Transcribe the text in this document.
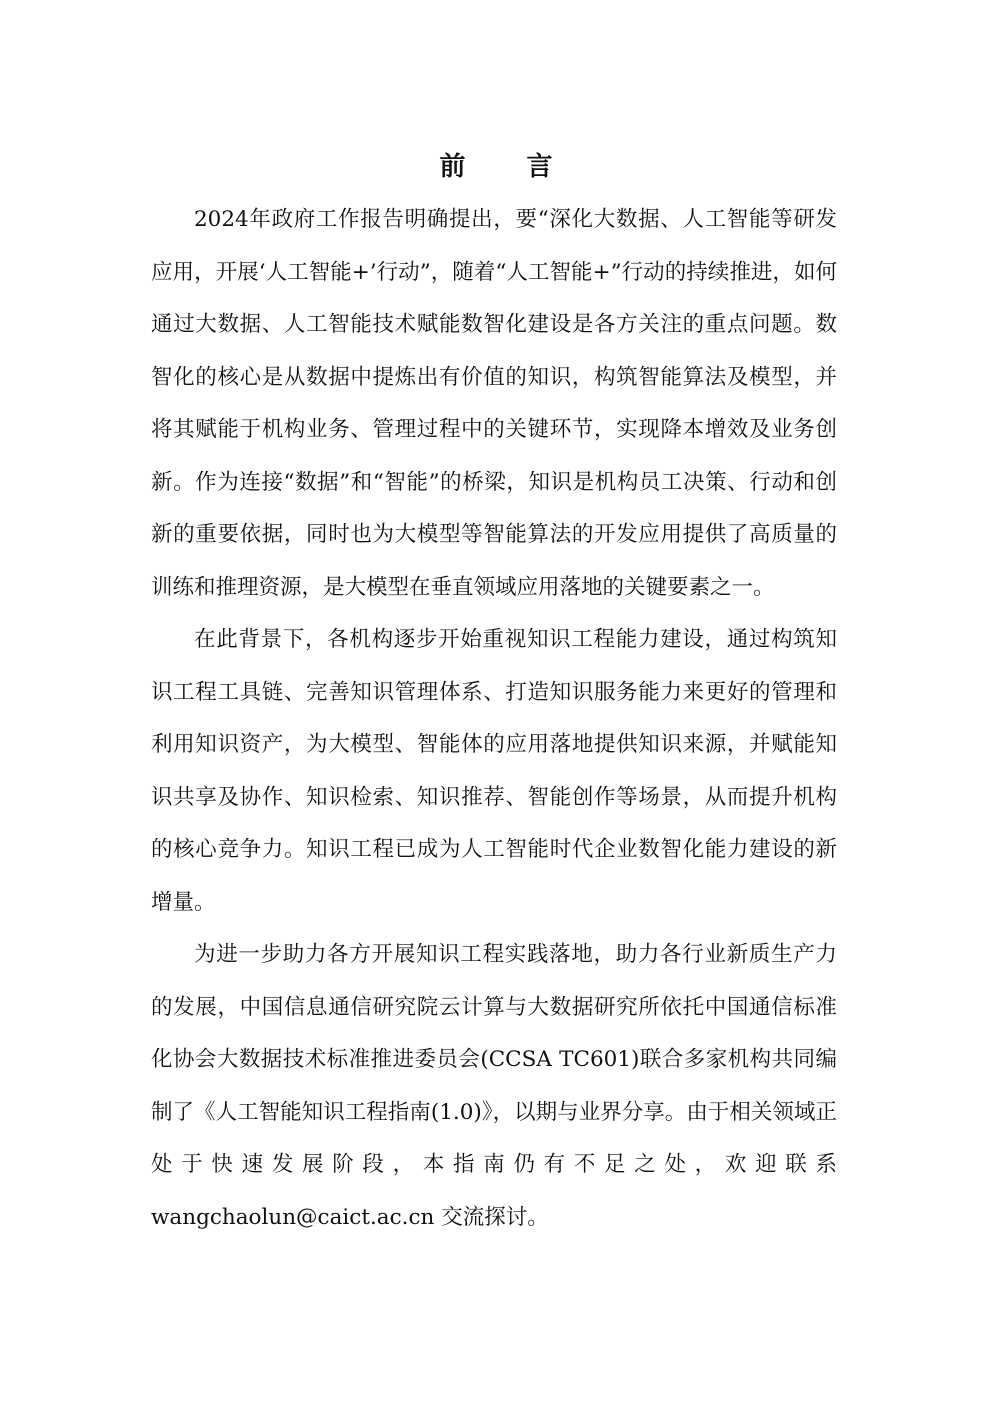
前 言

2024年政府工作报告明确提出，要“深化大数据、人工智能等研发应用，开展‘人工智能+’行动”，随着“人工智能+”行动的持续推进，如何通过大数据、人工智能技术赋能数智化建设是各方关注的重点问题。数智化的核心是从数据中提炼出有价值的知识，构筑智能算法及模型，并将其赋能于机构业务、管理过程中的关键环节，实现降本增效及业务创新。作为连接“数据”和“智能”的桥梁，知识是机构员工决策、行动和创新的重要依据，同时也为大模型等智能算法的开发应用提供了高质量的训练和推理资源，是大模型在垂直领域应用落地的关键要素之一。

在此背景下，各机构逐步开始重视知识工程能力建设，通过构筑知识工程工具链、完善知识管理体系、打造知识服务能力来更好的管理和利用知识资产，为大模型、智能体的应用落地提供知识来源，并赋能知识共享及协作、知识检索、知识推荐、智能创作等场景，从而提升机构的核心竞争力。知识工程已成为人工智能时代企业数智化能力建设的新增量。

为进一步助力各方开展知识工程实践落地，助力各行业新质生产力的发展，中国信息通信研究院云计算与大数据研究所依托中国通信标准化协会大数据技术标准推进委员会(CCSA TC601)联合多家机构共同编制了《人工智能知识工程指南(1.0)》，以期与业界分享。由于相关领域正处于快速发展阶段，本指南仍有不足之处，欢迎联系 wangchaolun@caict.ac.cn 交流探讨。
